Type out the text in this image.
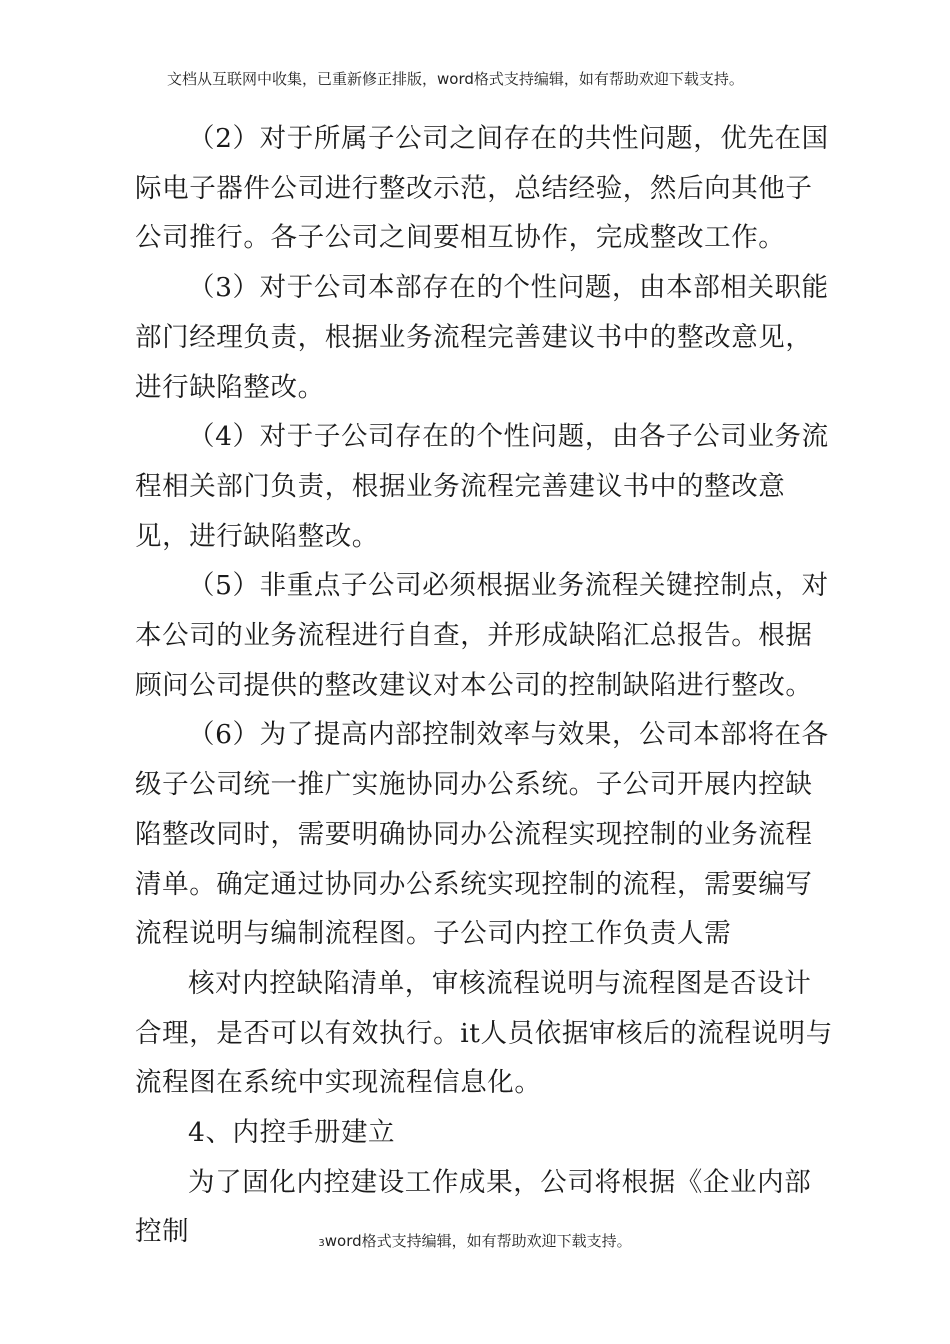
文档从互联网中收集，已重新修正排版，word格式支持编辑，如有帮助欢迎下载支持。

（2）对于所属子公司之间存在的共性问题，优先在国际电子器件公司进行整改示范，总结经验，然后向其他子公司推行。各子公司之间要相互协作，完成整改工作。

（3）对于公司本部存在的个性问题，由本部相关职能部门经理负责，根据业务流程完善建议书中的整改意见，进行缺陷整改。

（4）对于子公司存在的个性问题，由各子公司业务流程相关部门负责，根据业务流程完善建议书中的整改意见，进行缺陷整改。

（5）非重点子公司必须根据业务流程关键控制点，对本公司的业务流程进行自查，并形成缺陷汇总报告。根据顾问公司提供的整改建议对本公司的控制缺陷进行整改。

（6）为了提高内部控制效率与效果，公司本部将在各级子公司统一推广实施协同办公系统。子公司开展内控缺陷整改同时，需要明确协同办公流程实现控制的业务流程清单。确定通过协同办公系统实现控制的流程，需要编写流程说明与编制流程图。子公司内控工作负责人需

核对内控缺陷清单，审核流程说明与流程图是否设计合理，是否可以有效执行。it人员依据审核后的流程说明与流程图在系统中实现流程信息化。

4、内控手册建立

为了固化内控建设工作成果，公司将根据《企业内部控制	3word格式支持编辑，如有帮助欢迎下载支持。
